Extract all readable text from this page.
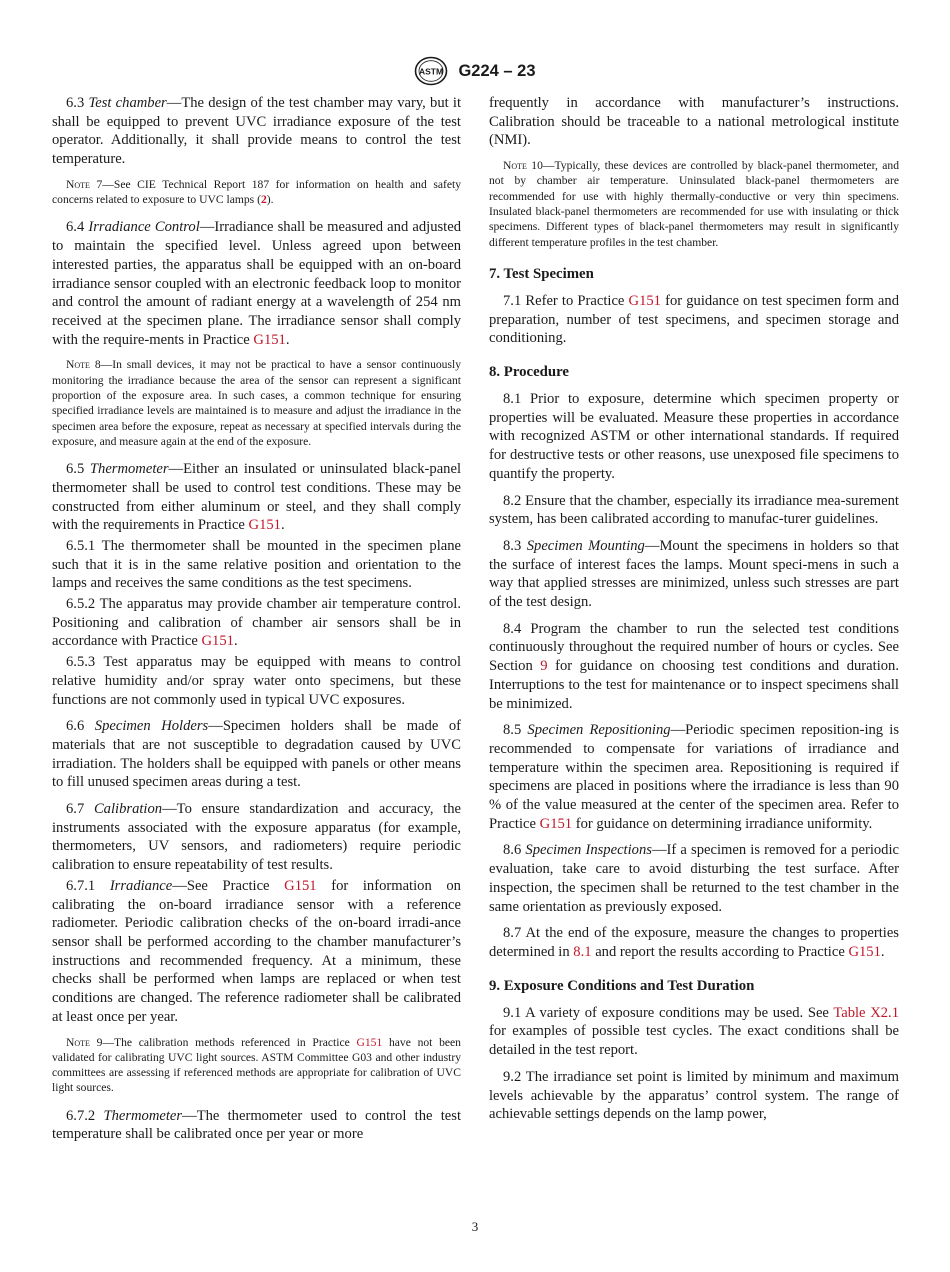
ASTM G224 – 23

6.3 Test chamber—The design of the test chamber may vary, but it shall be equipped to prevent UVC irradiance exposure of the test operator. Additionally, it shall provide means to control the test temperature.

Note 7—See CIE Technical Report 187 for information on health and safety concerns related to exposure to UVC lamps (2).

6.4 Irradiance Control—Irradiance shall be measured and adjusted to maintain the specified level. Unless agreed upon between interested parties, the apparatus shall be equipped with an on-board irradiance sensor coupled with an electronic feedback loop to monitor and control the amount of radiant energy at a wavelength of 254 nm received at the specimen plane. The irradiance sensor shall comply with the require-ments in Practice G151.

Note 8—In small devices, it may not be practical to have a sensor continuously monitoring the irradiance because the area of the sensor can represent a significant proportion of the exposure area. In such cases, a common technique for ensuring specified irradiance levels are maintained is to measure and adjust the irradiance in the specimen area before the exposure, repeat as necessary at specified intervals during the exposure, and measure again at the end of the exposure.

6.5 Thermometer—Either an insulated or uninsulated black-panel thermometer shall be used to control test conditions. These may be constructed from either aluminum or steel, and they shall comply with the requirements in Practice G151.

6.5.1 The thermometer shall be mounted in the specimen plane such that it is in the same relative position and orientation to the lamps and receives the same conditions as the test specimens.

6.5.2 The apparatus may provide chamber air temperature control. Positioning and calibration of chamber air sensors shall be in accordance with Practice G151.

6.5.3 Test apparatus may be equipped with means to control relative humidity and/or spray water onto specimens, but these functions are not commonly used in typical UVC exposures.

6.6 Specimen Holders—Specimen holders shall be made of materials that are not susceptible to degradation caused by UVC irradiation. The holders shall be equipped with panels or other means to fill unused specimen areas during a test.

6.7 Calibration—To ensure standardization and accuracy, the instruments associated with the exposure apparatus (for example, thermometers, UV sensors, and radiometers) require periodic calibration to ensure repeatability of test results.

6.7.1 Irradiance—See Practice G151 for information on calibrating the on-board irradiance sensor with a reference radiometer. Periodic calibration checks of the on-board irradi-ance sensor shall be performed according to the chamber manufacturer’s instructions and recommended frequency. At a minimum, these checks shall be performed when lamps are replaced or when test conditions are changed. The reference radiometer shall be calibrated at least once per year.

Note 9—The calibration methods referenced in Practice G151 have not been validated for calibrating UVC light sources. ASTM Committee G03 and other industry committees are assessing if referenced methods are appropriate for calibration of UVC light sources.

6.7.2 Thermometer—The thermometer used to control the test temperature shall be calibrated once per year or more

frequently in accordance with manufacturer’s instructions. Calibration should be traceable to a national metrological institute (NMI).

Note 10—Typically, these devices are controlled by black-panel thermometer, and not by chamber air temperature. Uninsulated black-panel thermometers are recommended for use with highly thermally-conductive or very thin specimens. Insulated black-panel thermometers are recommended for use with insulating or thick specimens. Different types of black-panel thermometers may result in significantly different temperature profiles in the test chamber.

7. Test Specimen

7.1 Refer to Practice G151 for guidance on test specimen form and preparation, number of test specimens, and specimen storage and conditioning.

8. Procedure

8.1 Prior to exposure, determine which specimen property or properties will be evaluated. Measure these properties in accordance with recognized ASTM or other international standards. If required for destructive tests or other reasons, use unexposed file specimens to quantify the property.

8.2 Ensure that the chamber, especially its irradiance mea-surement system, has been calibrated according to manufac-turer guidelines.

8.3 Specimen Mounting—Mount the specimens in holders so that the surface of interest faces the lamps. Mount speci-mens in such a way that applied stresses are minimized, unless such stresses are part of the test design.

8.4 Program the chamber to run the selected test conditions continuously throughout the required number of hours or cycles. See Section 9 for guidance on choosing test conditions and duration. Interruptions to the test for maintenance or to inspect specimens shall be minimized.

8.5 Specimen Repositioning—Periodic specimen reposition-ing is recommended to compensate for variations of irradiance and temperature within the specimen area. Repositioning is required if specimens are placed in positions where the irradiance is less than 90 % of the value measured at the center of the specimen area. Refer to Practice G151 for guidance on determining irradiance uniformity.

8.6 Specimen Inspections—If a specimen is removed for a periodic evaluation, take care to avoid disturbing the test surface. After inspection, the specimen shall be returned to the test chamber in the same orientation as previously exposed.

8.7 At the end of the exposure, measure the changes to properties determined in 8.1 and report the results according to Practice G151.

9. Exposure Conditions and Test Duration

9.1 A variety of exposure conditions may be used. See Table X2.1 for examples of possible test cycles. The exact conditions shall be detailed in the test report.

9.2 The irradiance set point is limited by minimum and maximum levels achievable by the apparatus’ control system. The range of achievable settings depends on the lamp power,

3
